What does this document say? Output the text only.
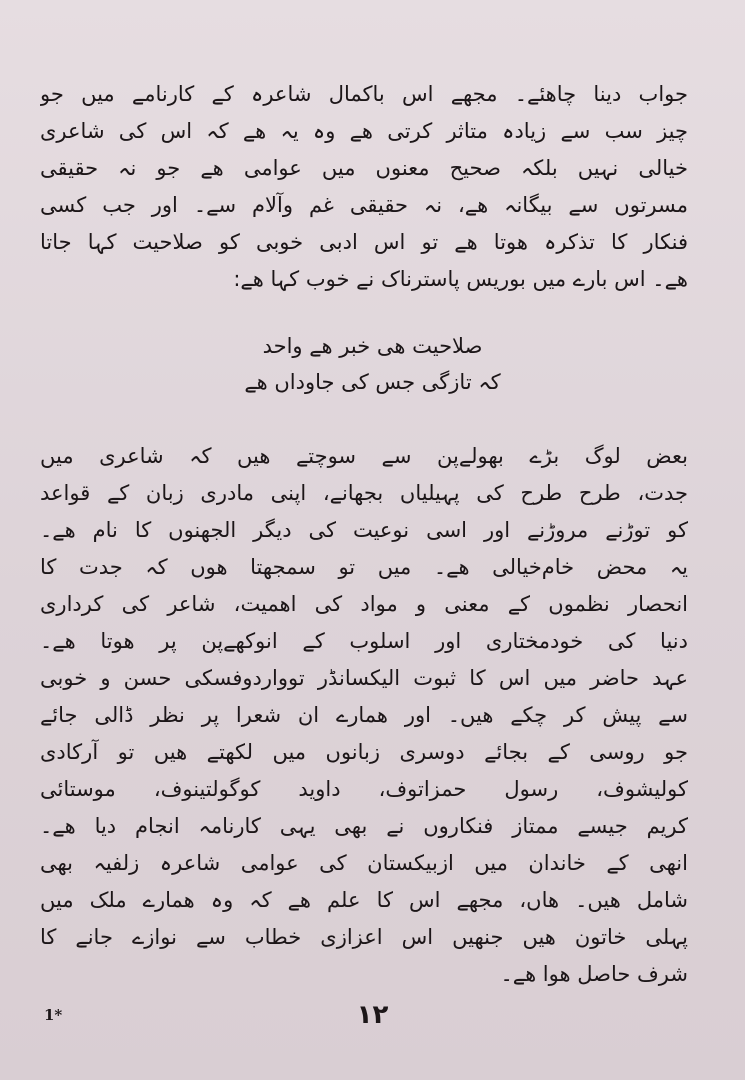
جواب دینا چاھئے۔ مجھے اس باکمال شاعرہ کے کارنامے میں جو
چیز سب سے زیادہ متاثر کرتی ھے وہ یہ ھے کہ اس کی شاعری
خیالی نہیں بلکہ صحیح معنوں میں عوامی ھے جو نہ حقیقی
مسرتوں سے بیگانہ ھے، نہ حقیقی غم وآلام سے۔ اور جب کسی
فنکار کا تذکرہ ھوتا ھے تو اس ادبی خوبی کو صلاحیت کہا جاتا
ھے۔ اس بارے میں بوریس پاسترناک نے خوب کہا ھے:
صلاحیت ھی خبر ھے واحد
کہ تازگی جس کی جاوداں ھے
بعض لوگ بڑے بھولےپن سے سوچتے ھیں کہ شاعری میں
جدت، طرح طرح کی پہیلیاں بجھانے، اپنی مادری زبان کے قواعد
کو توڑنے مروڑنے اور اسی نوعیت کی دیگر الجھنوں کا نام ھے۔
یہ محض خام‌خیالی ھے۔ میں تو سمجھتا ھوں کہ جدت کا
انحصار نظموں کے معنی و مواد کی اھمیت، شاعر کی کرداری
دنیا کی خودمختاری اور اسلوب کے انوکھےپن پر ھوتا ھے۔
عہد حاضر میں اس کا ثبوت الیکسانڈر توواردوفسکی حسن و خوبی
سے پیش کر چکے ھیں۔ اور ھمارے ان شعرا پر نظر ڈالی جائے
جو روسی کے بجائے دوسری زبانوں میں لکھتے ھیں تو آرکادی
کولیشوف، رسول حمزاتوف، داوید کوگولتینوف، موستائی
کریم جیسے ممتاز فنکاروں نے بھی یہی کارنامہ انجام دیا ھے۔
انھی کے خاندان میں ازبیکستان کی عوامی شاعرہ زلفیہ بھی
شامل ھیں۔ ھاں، مجھے اس کا علم ھے کہ وہ ھمارے ملک میں
پہلی خاتون ھیں جنھیں اس اعزازی خطاب سے نوازے جانے کا
شرف حاصل ھوا ھے۔
۱۲
1*
